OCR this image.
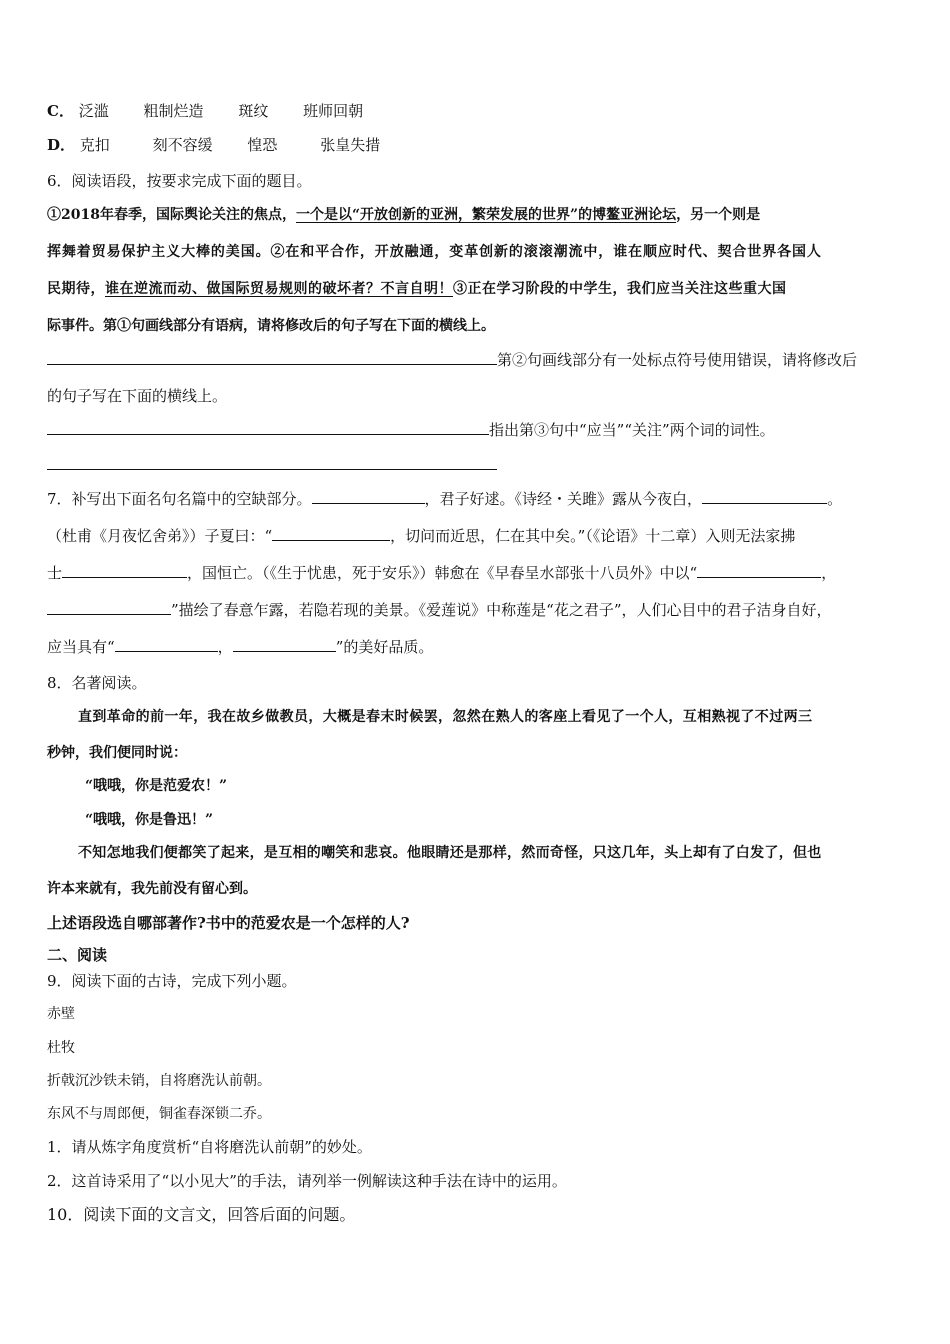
C． 泛滥 粗制烂造 斑纹 班师回朝
D． 克扣	刻不容缓 惶恐	张皇失措
6．阅读语段，按要求完成下面的题目。
①2018年春季，国际舆论关注的焦点，一个是以“开放创新的亚洲，繁荣发展的世界”的博鳌亚洲论坛，另一个则是
挥舞着贸易保护主义大棒的美国。②在和平合作，开放融通，变革创新的滚滚潮流中，谁在顺应时代、契合世界各国人
民期待，谁在逆流而动、做国际贸易规则的破坏者？不言自明！③正在学习阶段的中学生，我们应当关注这些重大国
际事件。第①句画线部分有语病，请将修改后的句子写在下面的横线上。
第②句画线部分有一处标点符号使用错误，请将修改后
的句子写在下面的横线上。
指出第③句中“应当”“关注”两个词的词性。
7．补写出下面名句名篇中的空缺部分。	，君子好逑。《诗经・关雎》露从今夜白，	。
（杜甫《月夜忆舍弟》）子夏曰：“	，切问而近思，仁在其中矣。”（《论语》十二章）入则无法家拂
士	，国恒亡。（《生于忧患，死于安乐》）韩愈在《早春呈水部张十八员外》中以“	，
”描绘了春意乍露，若隐若现的美景。《爱莲说》中称莲是“花之君子”，人们心目中的君子洁身自好，
应当具有“	，	”的美好品质。
8．名著阅读。
直到革命的前一年，我在故乡做教员，大概是春末时候罢，忽然在熟人的客座上看见了一个人，互相熟视了不过两三
秒钟，我们便同时说：
“哦哦，你是范爱农！”
“哦哦，你是鲁迅！”
不知怎地我们便都笑了起来，是互相的嘲笑和悲哀。他眼睛还是那样，然而奇怪，只这几年，头上却有了白发了，但也
许本来就有，我先前没有留心到。
上述语段选自哪部著作?书中的范爱农是一个怎样的人?
二、阅读
9．阅读下面的古诗，完成下列小题。
赤壁
杜牧
折戟沉沙铁未销，自将磨洗认前朝。
东风不与周郎便，铜雀春深锁二乔。
1．请从炼字角度赏析“自将磨洗认前朝”的妙处。
2．这首诗采用了“以小见大”的手法，请列举一例解读这种手法在诗中的运用。
10．阅读下面的文言文，回答后面的问题。
